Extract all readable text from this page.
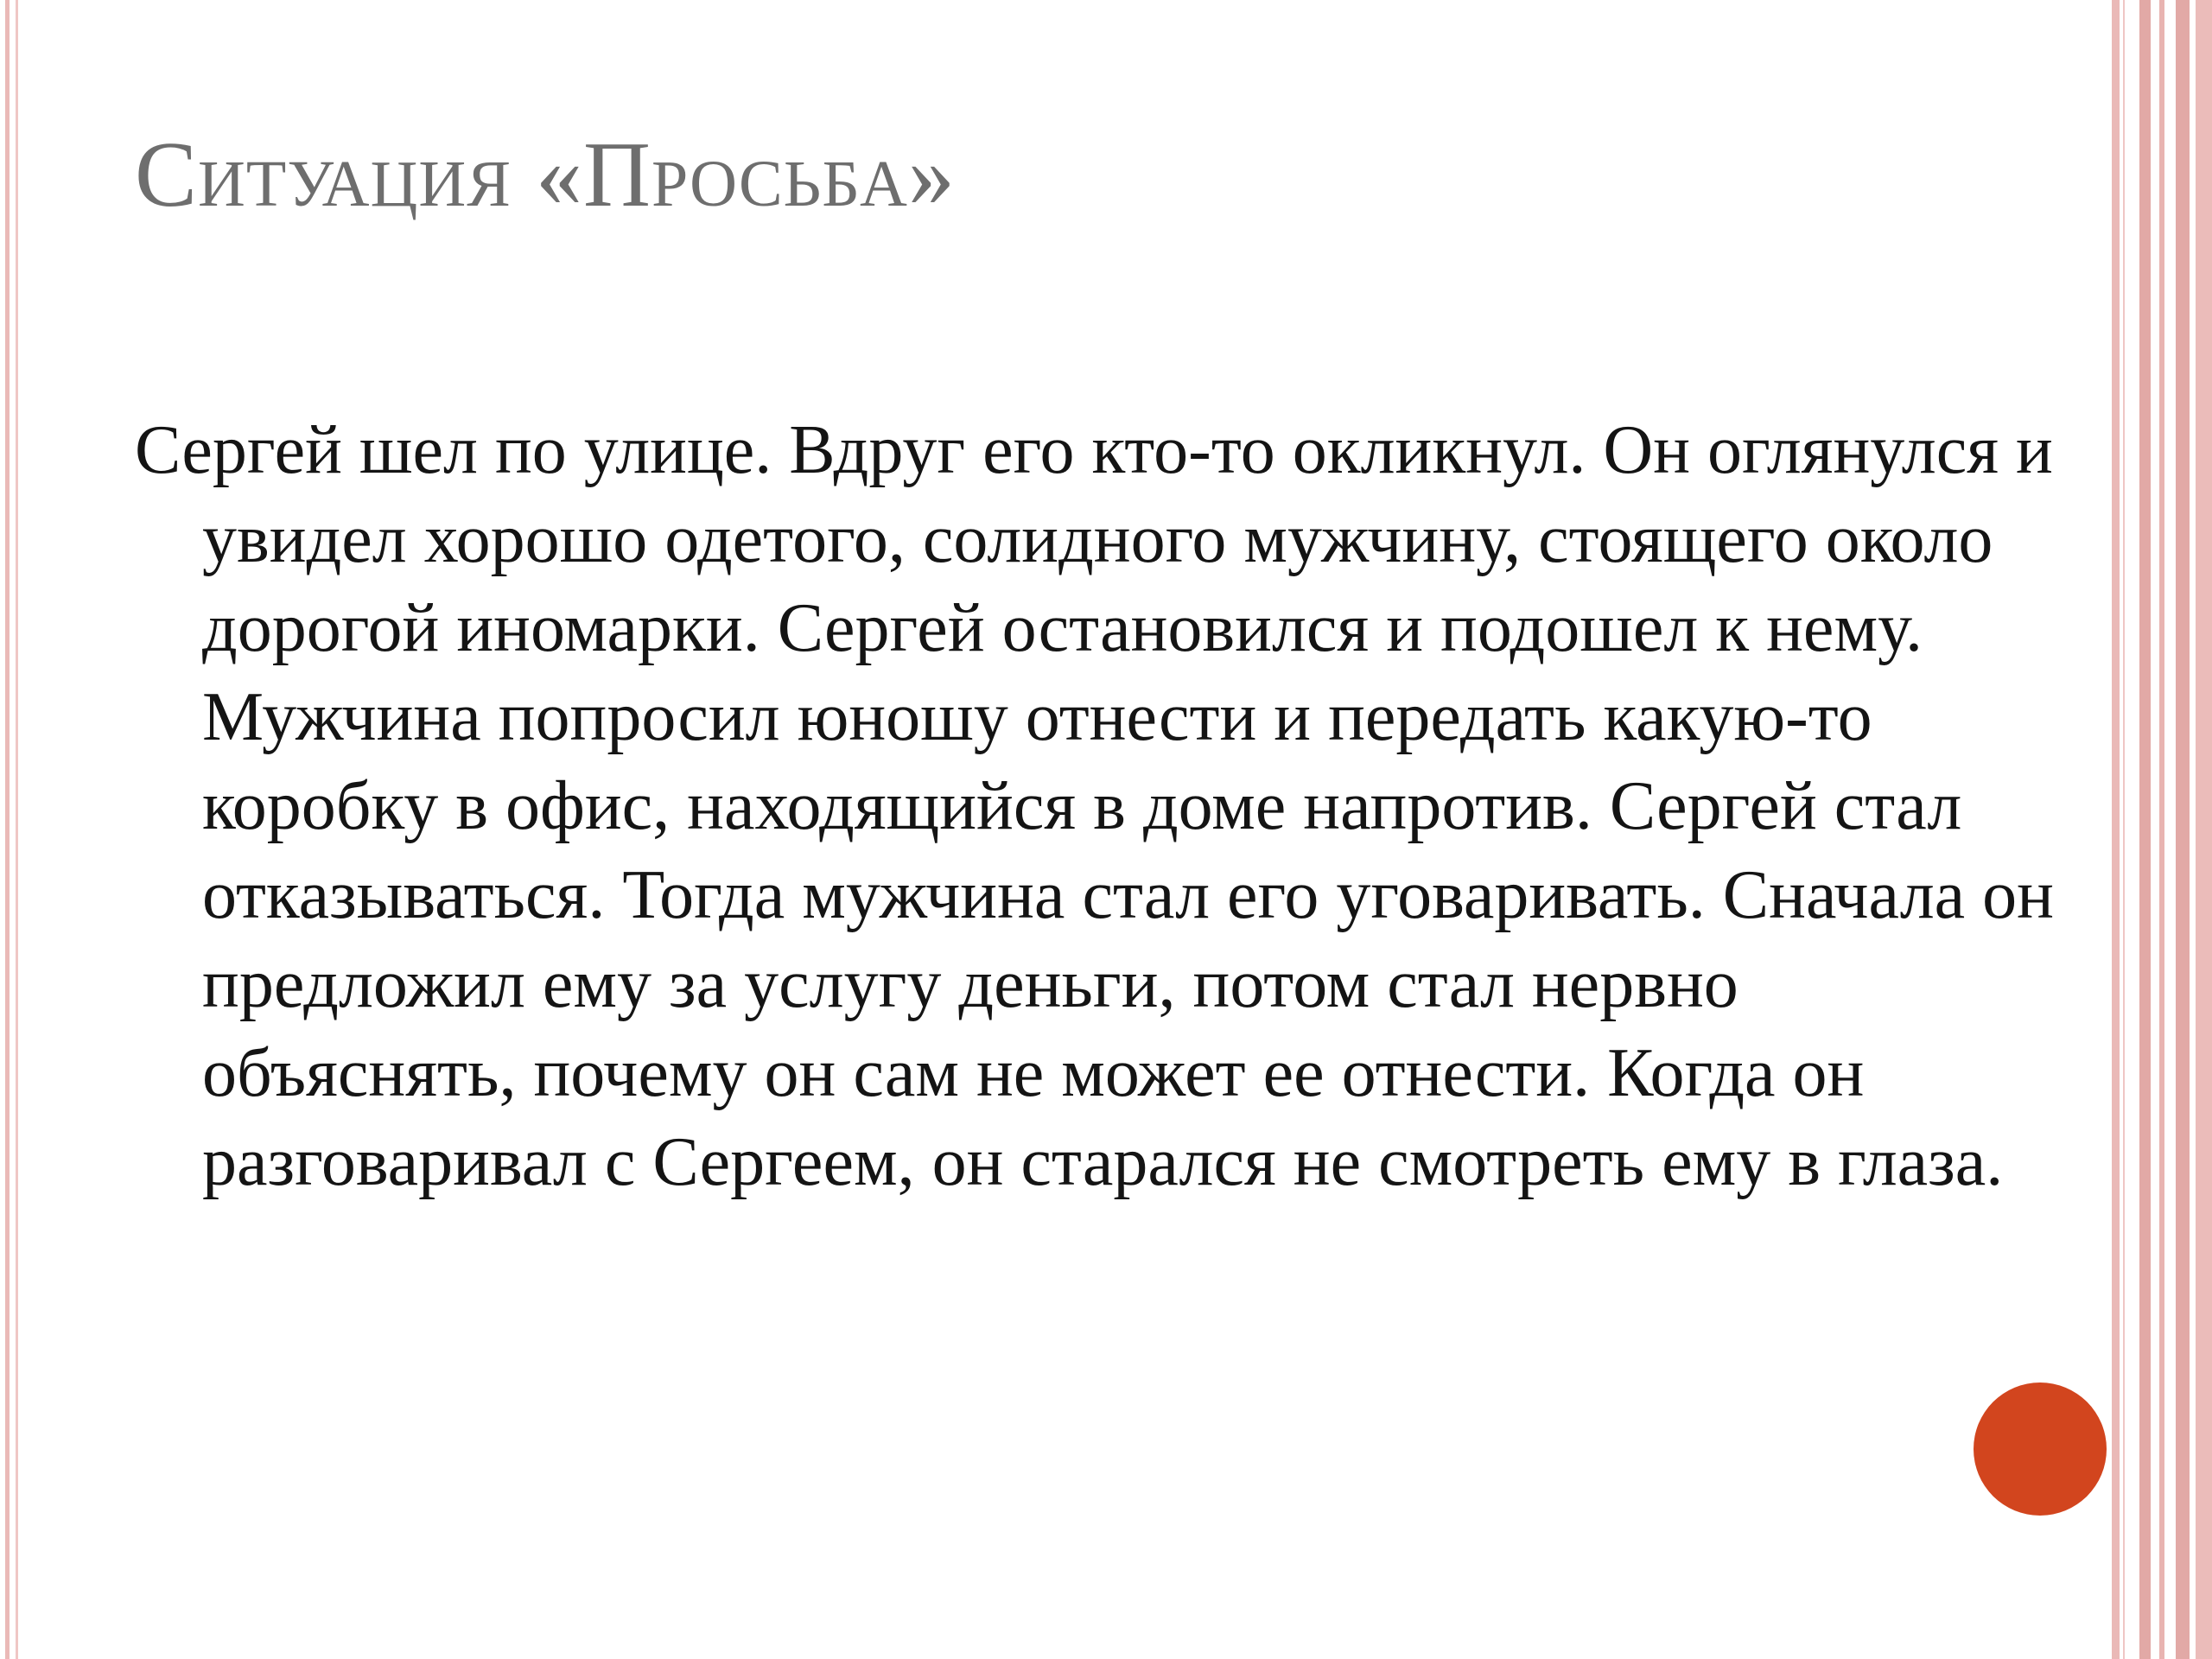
Ситуация «Просьба»

Сергей шел по улице. Вдруг его кто-то окликнул. Он оглянулся и увидел хорошо одетого, солидного мужчину, стоящего около дорогой иномарки. Сергей остановился и подошел к нему. Мужчина попросил юношу отнести и передать какую-то коробку в офис, находящийся в доме напротив. Сергей стал отказываться. Тогда мужчина стал его уговаривать. Сначала он предложил ему за услугу деньги, потом стал нервно объяснять, почему он сам не может ее отнести. Когда он разговаривал с Сергеем, он старался не смотреть ему в глаза.
